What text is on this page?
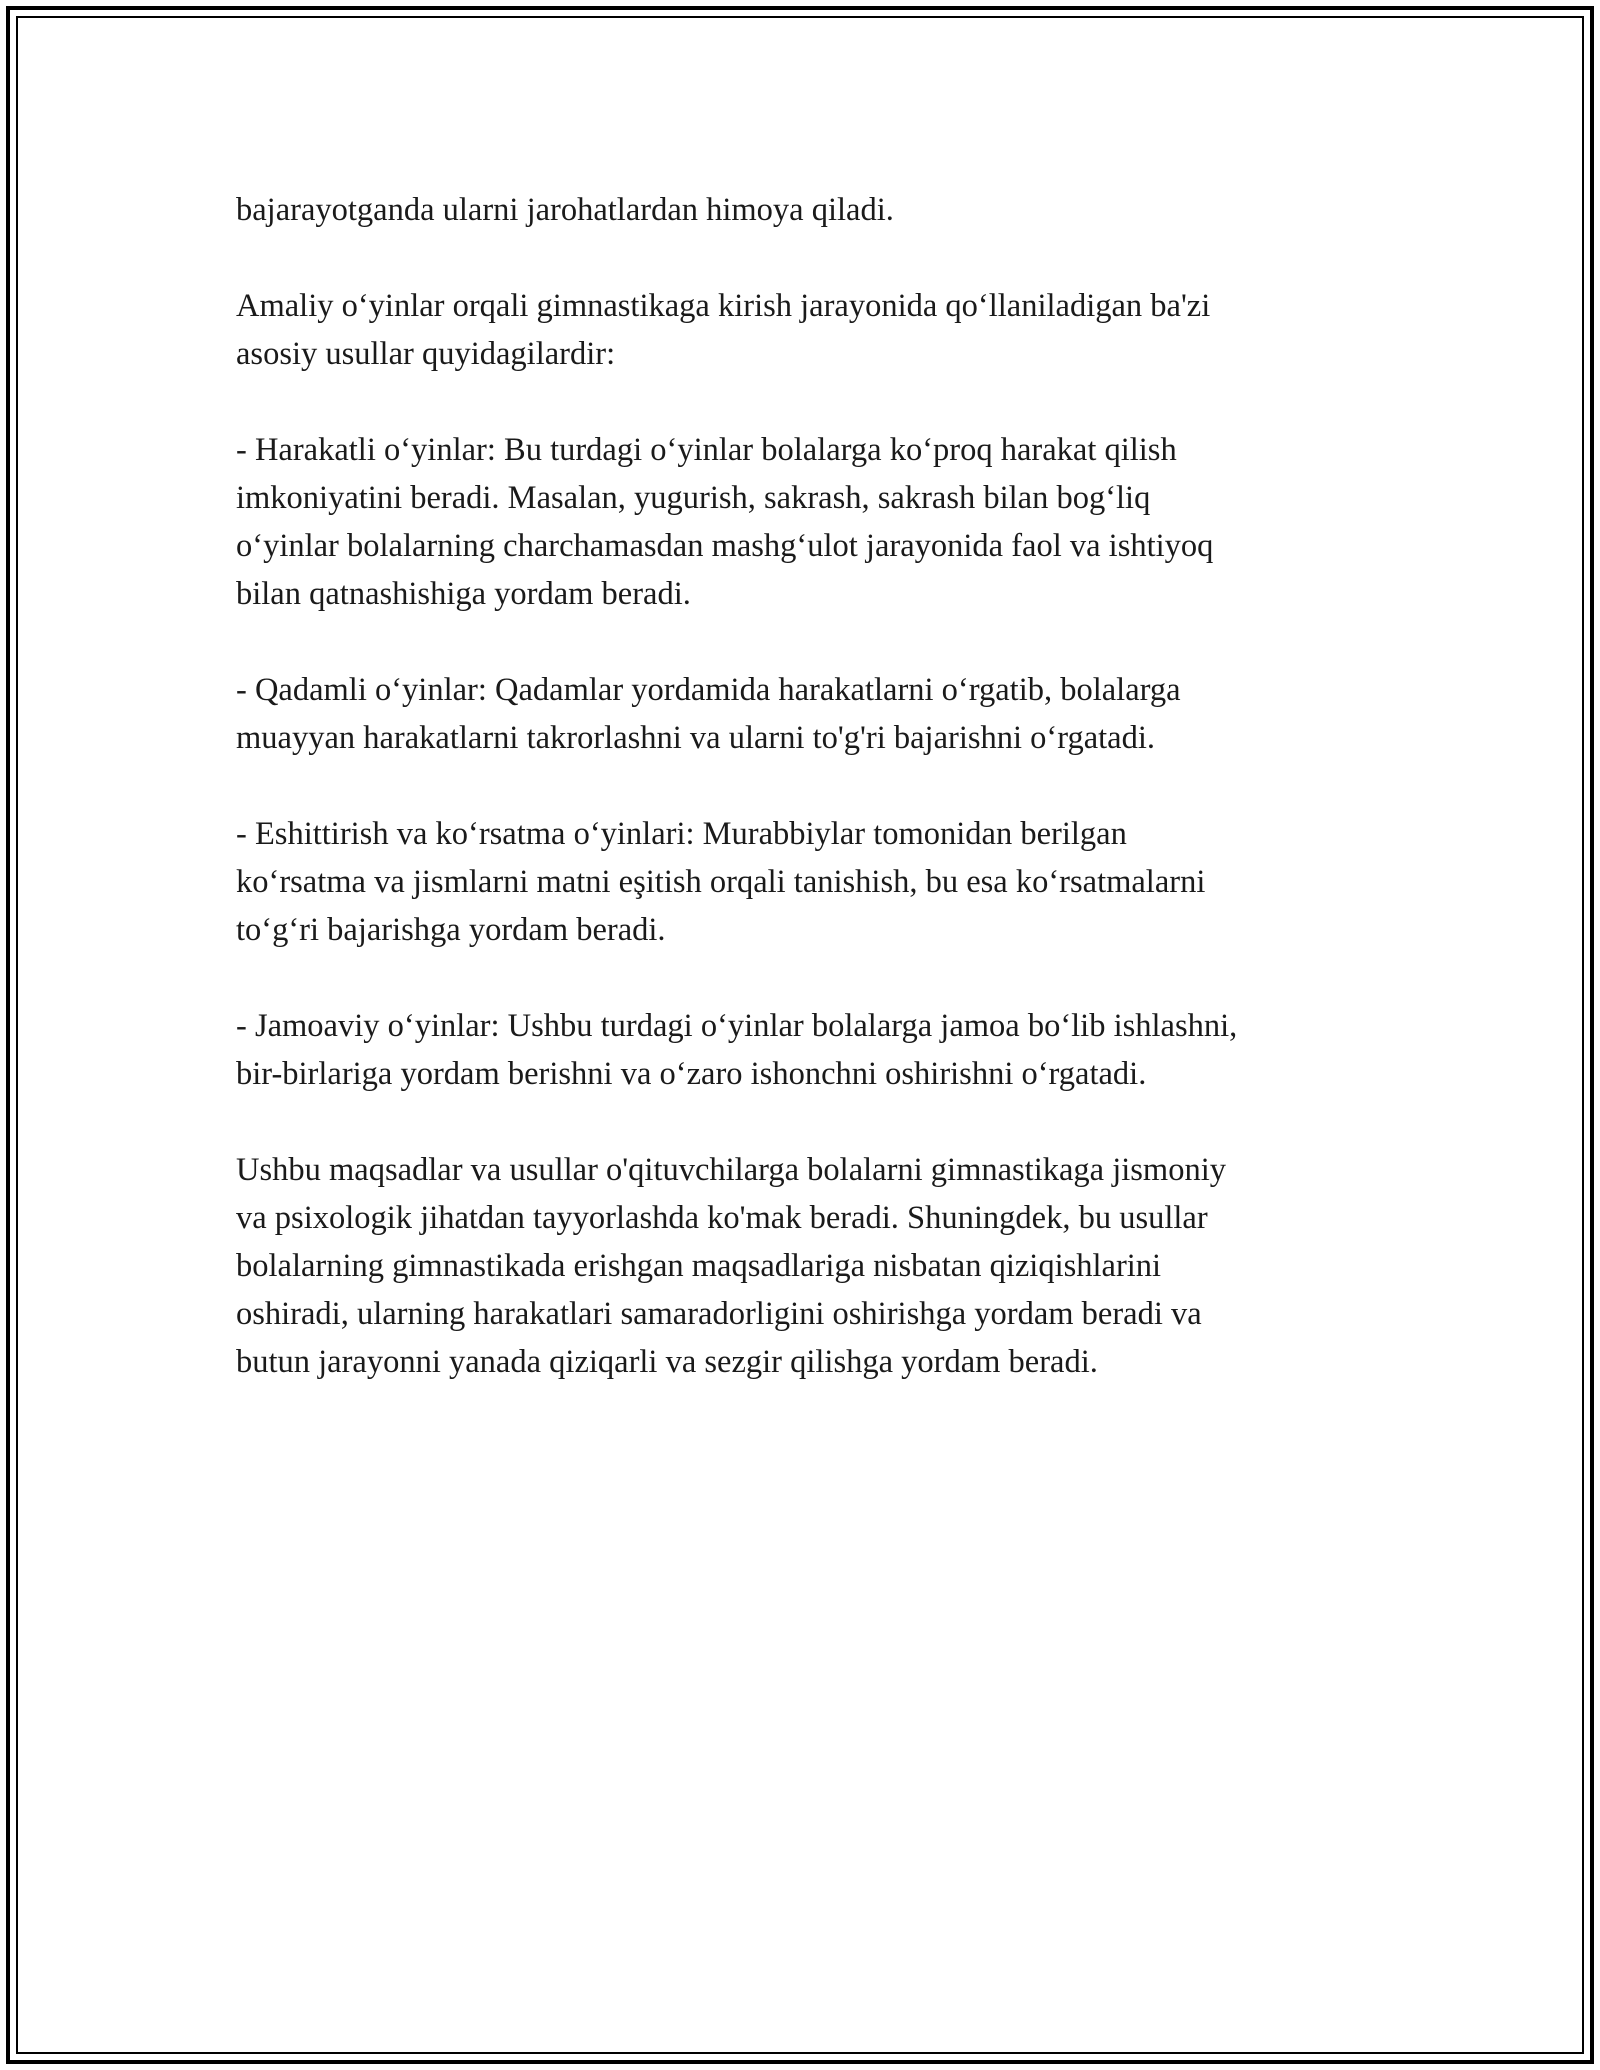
bajarayotganda ularni jarohatlardan himoya qiladi.

Amaliy o‘yinlar orqali gimnastikaga kirish jarayonida qo‘llaniladigan ba'zi
asosiy usullar quyidagilardir:

- Harakatli o‘yinlar: Bu turdagi o‘yinlar bolalarga ko‘proq harakat qilish
imkoniyatini beradi. Masalan, yugurish, sakrash, sakrash bilan bog‘liq
o‘yinlar bolalarning charchamasdan mashg‘ulot jarayonida faol va ishtiyoq
bilan qatnashishiga yordam beradi.

- Qadamli o‘yinlar: Qadamlar yordamida harakatlarni o‘rgatib, bolalarga
muayyan harakatlarni takrorlashni va ularni to'g'ri bajarishni o‘rgatadi.

- Eshittirish va ko‘rsatma o‘yinlari: Murabbiylar tomonidan berilgan
ko‘rsatma va jismlarni matni eşitish orqali tanishish, bu esa ko‘rsatmalarni
to‘g‘ri bajarishga yordam beradi.

- Jamoaviy o‘yinlar: Ushbu turdagi o‘yinlar bolalarga jamoa bo‘lib ishlashni,
bir-birlariga yordam berishni va o‘zaro ishonchni oshirishni o‘rgatadi.

Ushbu maqsadlar va usullar o'qituvchilarga bolalarni gimnastikaga jismoniy
va psixologik jihatdan tayyorlashda ko'mak beradi. Shuningdek, bu usullar
bolalarning gimnastikada erishgan maqsadlariga nisbatan qiziqishlarini
oshiradi, ularning harakatlari samaradorligini oshirishga yordam beradi va
butun jarayonni yanada qiziqarli va sezgir qilishga yordam beradi.
